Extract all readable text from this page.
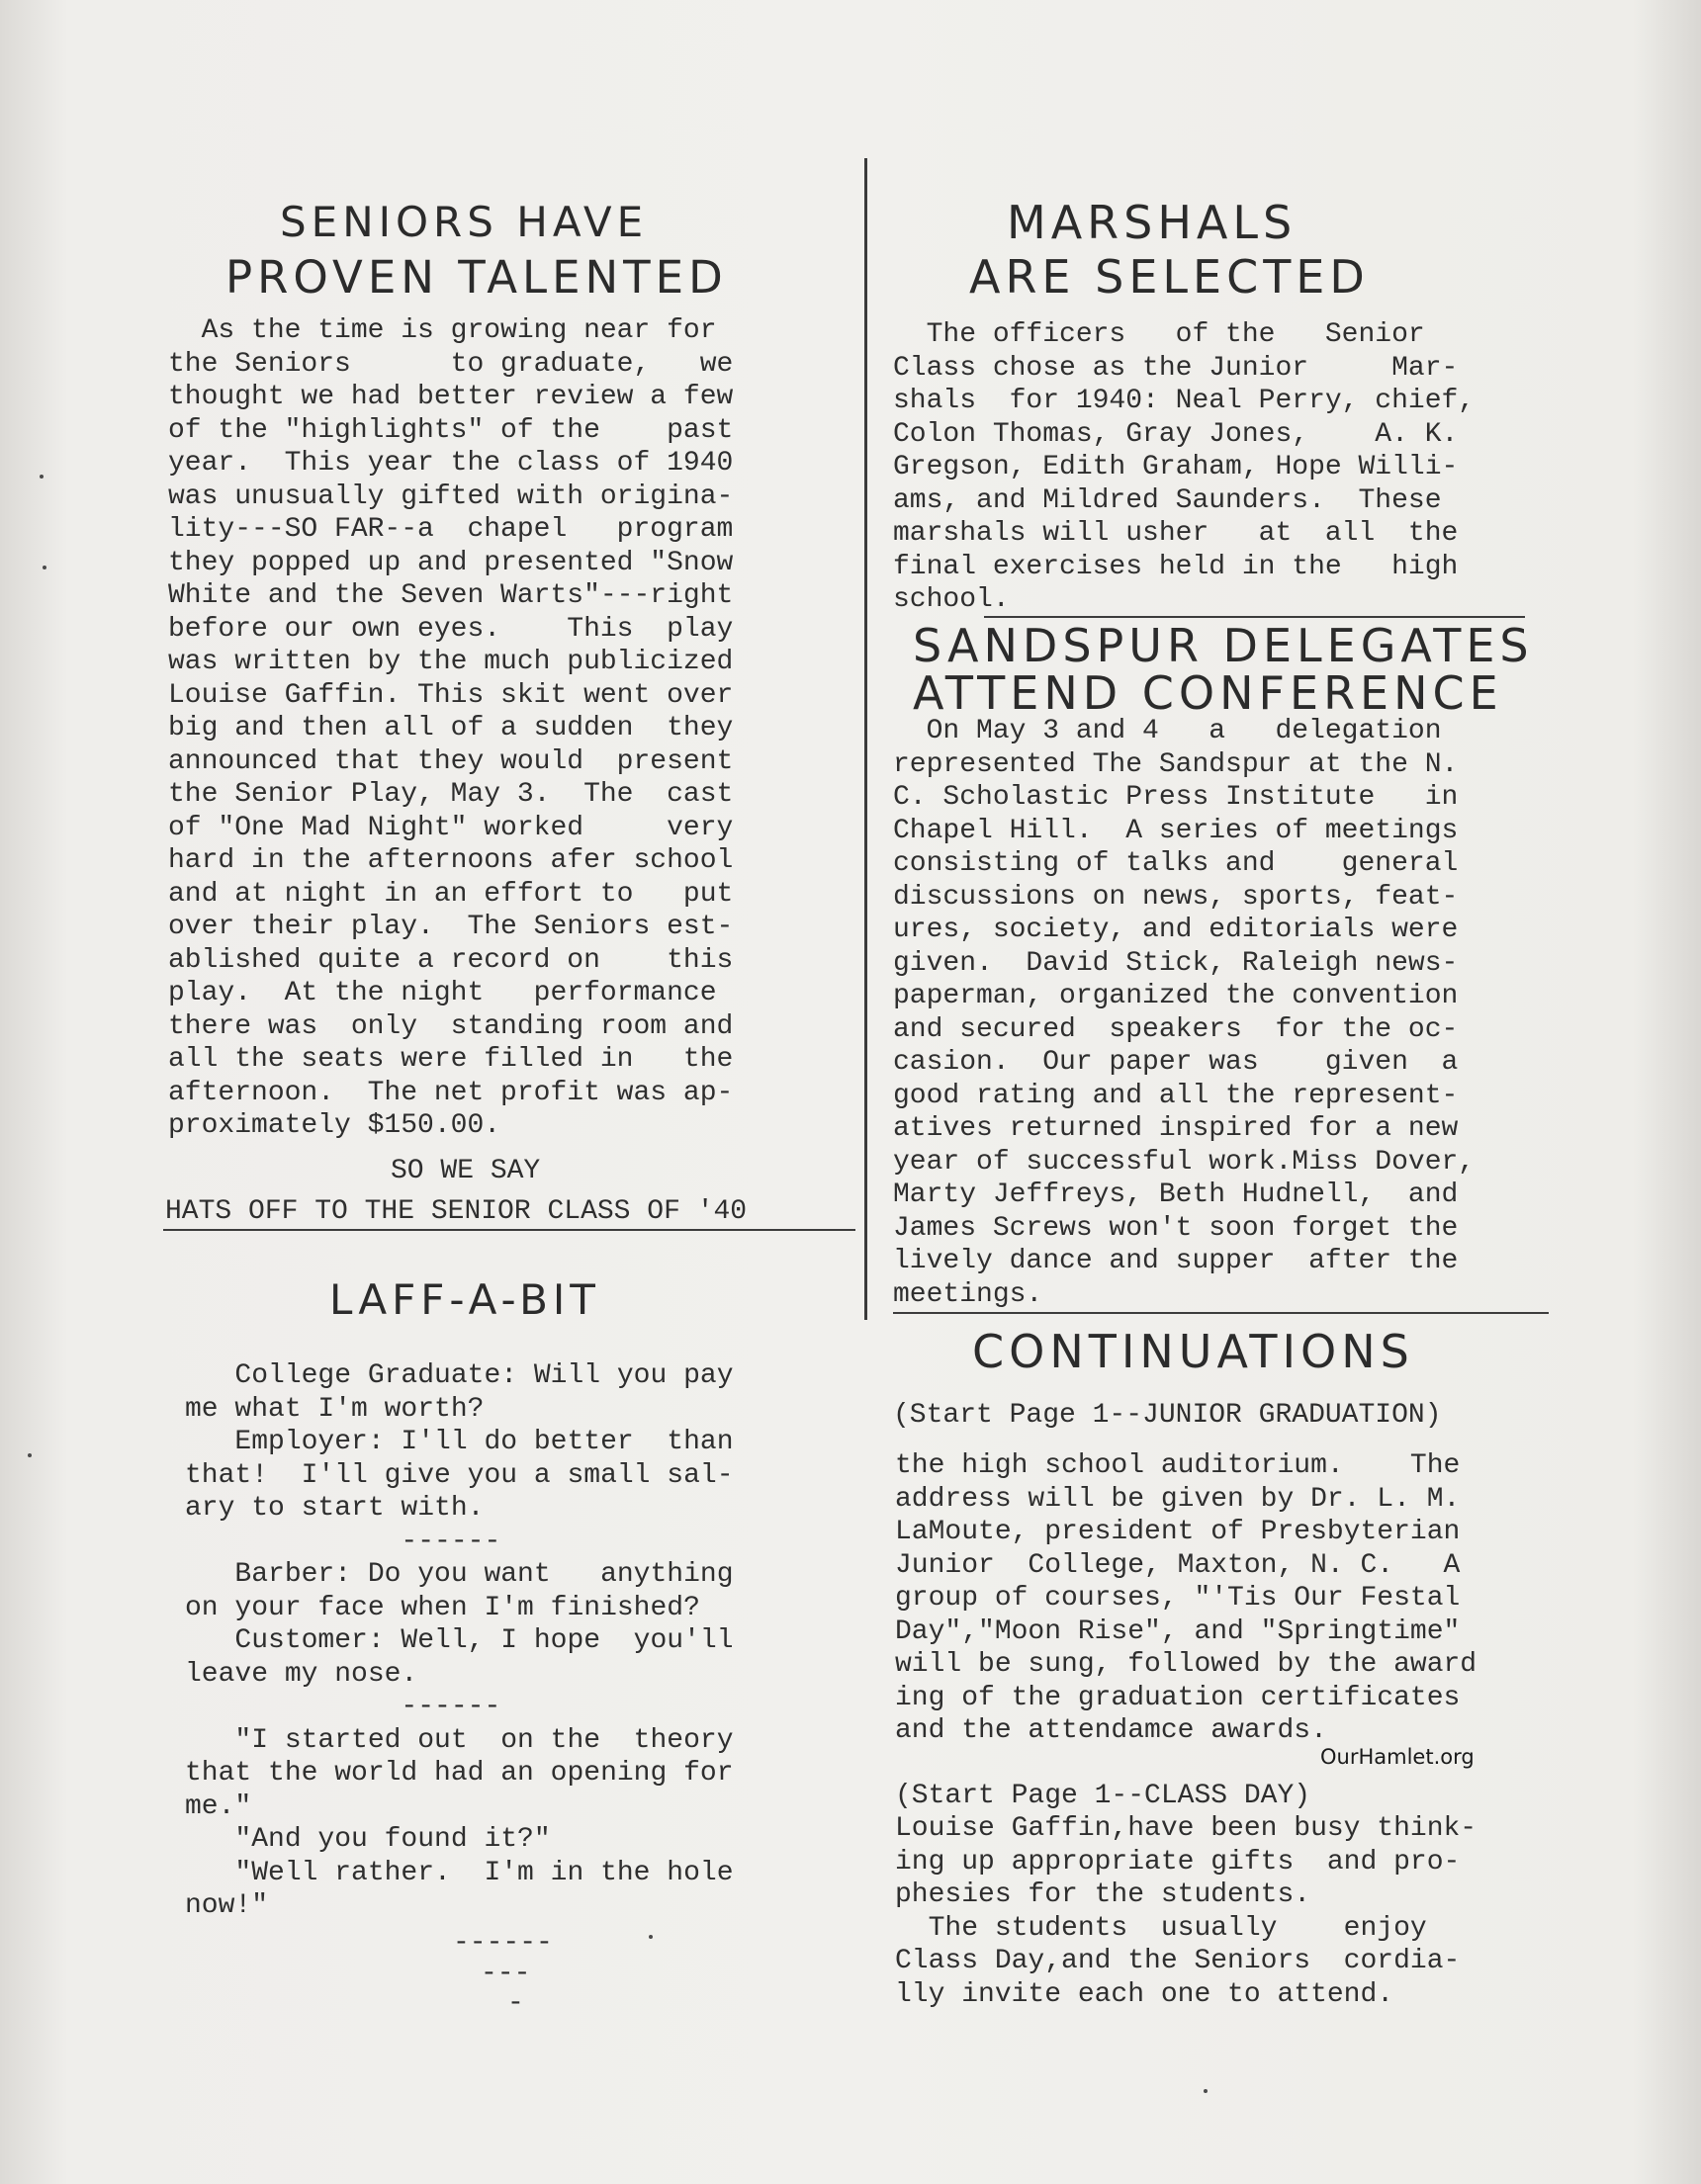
SENIORS HAVE
PROVEN TALENTED
As the time is growing near for
the Seniors      to graduate,   we
thought we had better review a few
of the "highlights" of the    past
year.  This year the class of 1940
was unusually gifted with origina-
lity---SO FAR--a  chapel   program
they popped up and presented "Snow
White and the Seven Warts"---right
before our own eyes.    This  play
was written by the much publicized
Louise Gaffin. This skit went over
big and then all of a sudden  they
announced that they would  present
the Senior Play, May 3.  The  cast
of "One Mad Night" worked     very
hard in the afternoons afer school
and at night in an effort to   put
over their play.  The Seniors est-
ablished quite a record on    this
play.  At the night   performance
there was  only  standing room and
all the seats were filled in   the
afternoon.  The net profit was ap-
proximately $150.00.
SO WE SAY
HATS OFF TO THE SENIOR CLASS OF '40
LAFF-A-BIT
College Graduate: Will you pay
me what I'm worth?
Employer: I'll do better  than
that!  I'll give you a small sal-
ary to start with.
------
Barber: Do you want   anything
on your face when I'm finished?
Customer: Well, I hope  you'll
leave my nose.
------
"I started out  on the  theory
that the world had an opening for
me."
"And you found it?"
"Well rather.  I'm in the hole
now!"
------
---
-
MARSHALS
ARE SELECTED
The officers   of the   Senior
Class chose as the Junior     Mar-
shals  for 1940: Neal Perry, chief,
Colon Thomas, Gray Jones,    A. K.
Gregson, Edith Graham, Hope Willi-
ams, and Mildred Saunders.  These
marshals will usher   at  all  the
final exercises held in the   high
school.
SANDSPUR DELEGATES
ATTEND CONFERENCE
On May 3 and 4   a   delegation
represented The Sandspur at the N.
C. Scholastic Press Institute   in
Chapel Hill.  A series of meetings
consisting of talks and    general
discussions on news, sports, feat-
ures, society, and editorials were
given.  David Stick, Raleigh news-
paperman, organized the convention
and secured  speakers  for the oc-
casion.  Our paper was    given  a
good rating and all the represent-
atives returned inspired for a new
year of successful work.Miss Dover,
Marty Jeffreys, Beth Hudnell,  and
James Screws won't soon forget the
lively dance and supper  after the
meetings.
CONTINUATIONS
(Start Page 1--JUNIOR GRADUATION)
the high school auditorium.    The
address will be given by Dr. L. M.
LaMoute, president of Presbyterian
Junior  College, Maxton, N. C.   A
group of courses, "'Tis Our Festal
Day","Moon Rise", and "Springtime"
will be sung, followed by the award
ing of the graduation certificates
and the attendamce awards.
(Start Page 1--CLASS DAY)
Louise Gaffin,have been busy think-
ing up appropriate gifts  and pro-
phesies for the students.
The students  usually    enjoy
Class Day,and the Seniors  cordia-
lly invite each one to attend.
OurHamlet.org
